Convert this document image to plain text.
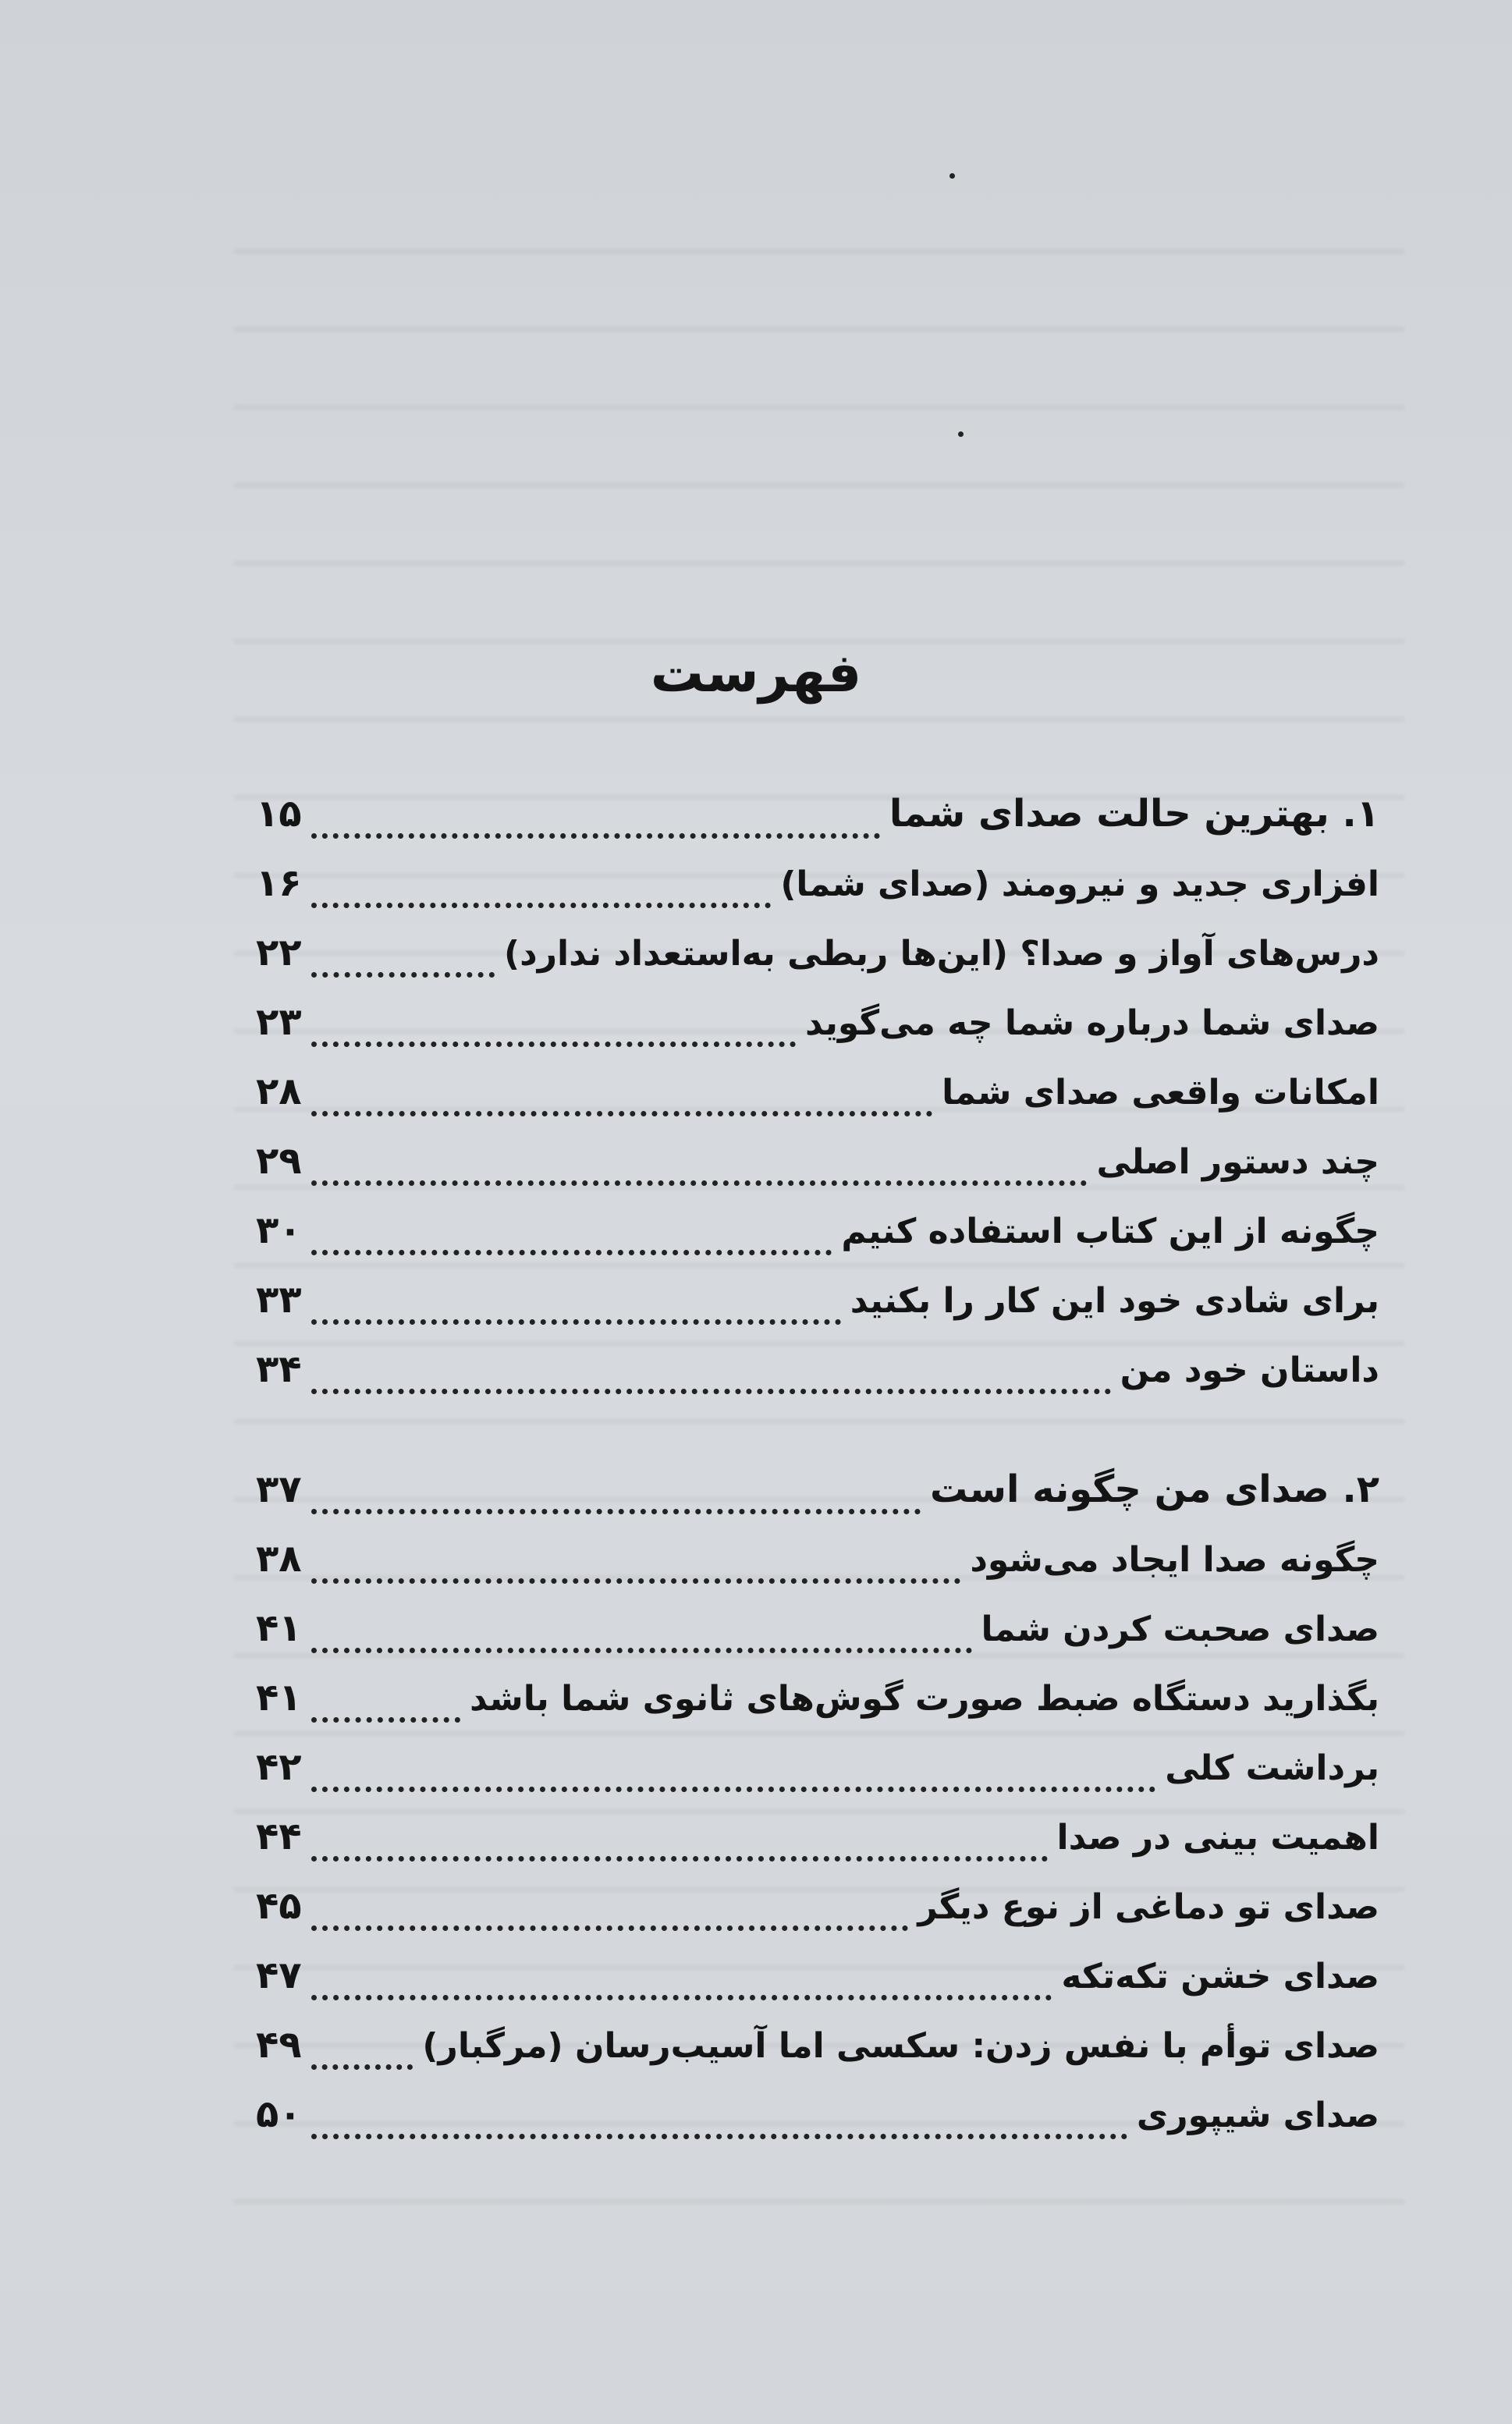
فهرست
۱. بهترین حالت صدای شما
۱۵
افزاری جدید و نیرومند (صدای شما)
۱۶
درس‌های آواز و صدا؟ (این‌ها ربطی به‌استعداد ندارد)
۲۲
صدای شما درباره شما چه می‌گوید
۲۳
امکانات واقعی صدای شما
۲۸
چند دستور اصلی
۲۹
چگونه از این کتاب استفاده کنیم
۳۰
برای شادی خود این کار را بکنید
۳۳
داستان خود من
۳۴
۲. صدای من چگونه است
۳۷
چگونه صدا ایجاد می‌شود
۳۸
صدای صحبت کردن شما
۴۱
بگذارید دستگاه ضبط صورت گوش‌های ثانوی شما باشد
۴۱
برداشت کلی
۴۲
اهمیت بینی در صدا
۴۴
صدای تو دماغی از نوع دیگر
۴۵
صدای خشن تکه‌تکه
۴۷
صدای توأم با نفس زدن: سکسی اما آسیب‌رسان (مرگبار)
۴۹
صدای شیپوری
۵۰
